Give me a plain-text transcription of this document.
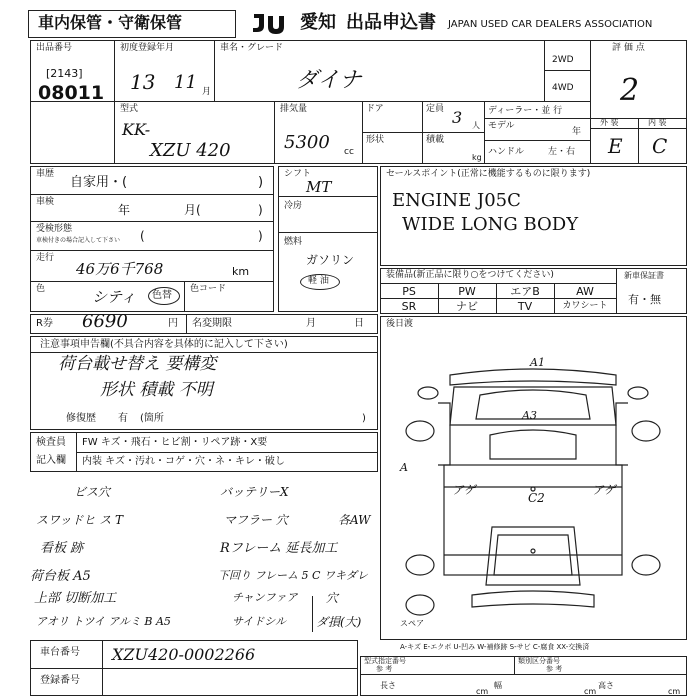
車内保管・守衛保管	愛知 出品申込書 JAPAN USED CAR DEALERS ASSOCIATION
出品番号
[2143]
08011
初度登録年月
13 11 月
車名・グレード
ダイナ
2WD
4WD
評 価 点
2
外 装	内 装
E C
型式
KK-
XZU 420
排気量
5300 cc
ドア
形状
定員 3 人
積載
kg
ディーラー・並 行
モデル
年
ハンドル	左・右
車歴
自家用・(	)
車検
年	月(	)
受検形態
車検付きの場合記入して下さい (	)
走行
46万6千768	km
色	シティ 色替
色コード
シフト
MT
冷房
燃料
ガソリン
軽 油
セールスポイント(正常に機能するものに限ります)
ENGINE J05C
WIDE LONG BODY
装備品(新正品に限り○をつけてください)
PS	PW	エアB	AW
SR	ナビ	TV	カワシート
新車保証書
有・無
R券 6690	円 名変期限	月	日
注意事項申告欄(不具合内容を具体的に記入して下さい)
荷台載せ替え 要構変
形状 積載 不明
修復歴 有 (箇所	)
検査員
記入欄
FW キズ・飛石・ヒビ割・リペア跡・X要
内装 キズ・汚れ・コゲ・穴・ネ・キレ・破し
ビス穴	バッテリーX
スワッドヒ ス T	マフラー 穴	各AW
看板 跡	Rフレーム 延長加工
荷台板 A5	下回り フレーム 5 C ワキダレ
上部 切断加工	チャンファア 穴
アオリ トツイ アルミ B A5	サイドシル	ダ損(大)
後日渡
A1
A3
アゲ	アゲ
C2
A
スペア
A-キズ E-エクボ U-凹み W-補修跡 S-サビ C-腐食 XX-交換済
車台番号 XZU420-0002266
登録番号
型式指定番号	類別区分番号
参 考	参 考
長さ
cm
幅
cm
高さ
cm
